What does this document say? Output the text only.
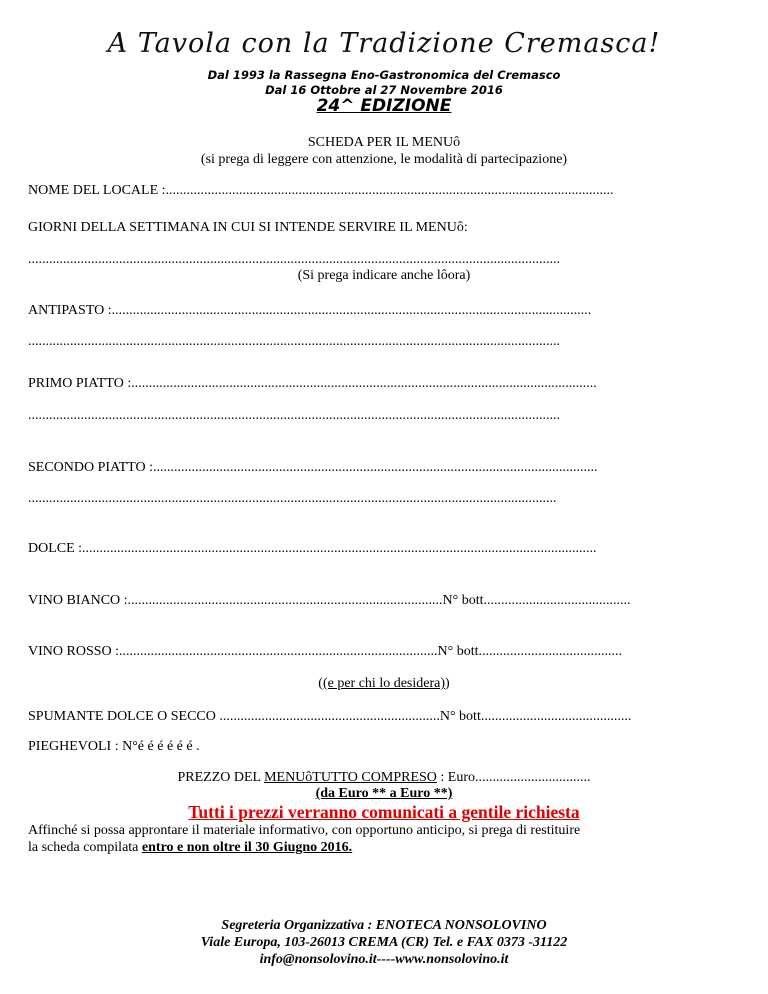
A Tavola con la Tradizione Cremasca!
Dal 1993 la Rassegna Eno-Gastronomica del Cremasco
Dal 16 Ottobre al 27 Novembre 2016
24^ EDIZIONE
SCHEDA PER IL MENUô
(si prega di leggere con attenzione, le modalità di partecipazione)
NOME DEL LOCALE :................................................................................................................................
GIORNI DELLA SETTIMANA IN CUI SI INTENDE SERVIRE IL MENUô:
........................................................................................................................................................
(Si prega indicare anche lôora)
ANTIPASTO :.........................................................................................................................................
........................................................................................................................................................
PRIMO PIATTO :.....................................................................................................................................
........................................................................................................................................................
SECONDO PIATTO :...............................................................................................................................
.......................................................................................................................................................
DOLCE :...................................................................................................................................................
VINO BIANCO :..........................................................................................N° bott..........................................
VINO ROSSO :...........................................................................................N° bott.........................................
((e per chi lo desidera))
SPUMANTE DOLCE O SECCO ...............................................................N° bott...........................................
PIEGHEVOLI : N°é é é é é é .
PREZZO DEL MENUôTUTTO COMPRESO : Euro.................................
(da Euro ** a Euro **)
Tutti i prezzi verranno comunicati a gentile richiesta
Affinché si possa approntare il materiale informativo, con opportuno anticipo, si prega di restituire
la scheda compilata entro e non oltre il 30 Giugno 2016.
Segreteria Organizzativa : ENOTECA NONSOLOVINO
Viale Europa, 103-26013 CREMA (CR) Tel. e FAX 0373 -31122
info@nonsolovino.it----www.nonsolovino.it
